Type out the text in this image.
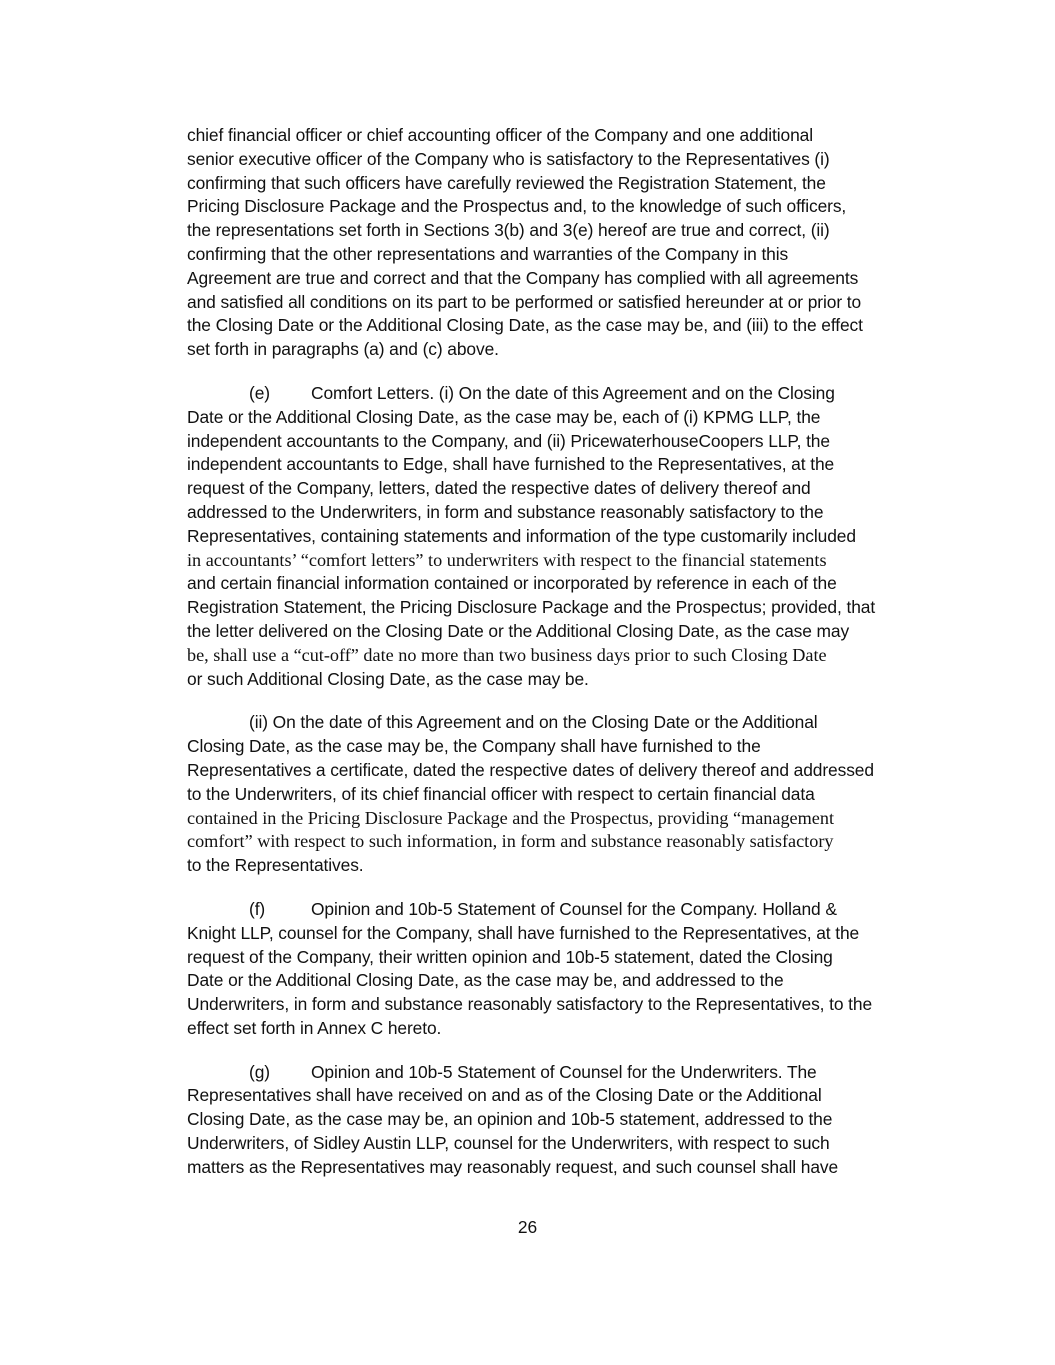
chief financial officer or chief accounting officer of the Company and one additional
senior executive officer of the Company who is satisfactory to the Representatives (i)
confirming that such officers have carefully reviewed the Registration Statement, the
Pricing Disclosure Package and the Prospectus and, to the knowledge of such officers,
the representations set forth in Sections 3(b) and 3(e) hereof are true and correct, (ii)
confirming that the other representations and warranties of the Company in this
Agreement are true and correct and that the Company has complied with all agreements
and satisfied all conditions on its part to be performed or satisfied hereunder at or prior to
the Closing Date or the Additional Closing Date, as the case may be, and (iii) to the effect
set forth in paragraphs (a) and (c) above.
(e) Comfort Letters. (i) On the date of this Agreement and on the Closing
Date or the Additional Closing Date, as the case may be, each of (i) KPMG LLP, the
independent accountants to the Company, and (ii) PricewaterhouseCoopers LLP, the
independent accountants to Edge, shall have furnished to the Representatives, at the
request of the Company, letters, dated the respective dates of delivery thereof and
addressed to the Underwriters, in form and substance reasonably satisfactory to the
Representatives, containing statements and information of the type customarily included
in accountants’ “comfort letters” to underwriters with respect to the financial statements
and certain financial information contained or incorporated by reference in each of the
Registration Statement, the Pricing Disclosure Package and the Prospectus; provided, that
the letter delivered on the Closing Date or the Additional Closing Date, as the case may
be, shall use a “cut-off” date no more than two business days prior to such Closing Date
or such Additional Closing Date, as the case may be.
(ii) On the date of this Agreement and on the Closing Date or the Additional
Closing Date, as the case may be, the Company shall have furnished to the
Representatives a certificate, dated the respective dates of delivery thereof and addressed
to the Underwriters, of its chief financial officer with respect to certain financial data
contained in the Pricing Disclosure Package and the Prospectus, providing “management
comfort” with respect to such information, in form and substance reasonably satisfactory
to the Representatives.
(f)	Opinion and 10b-5 Statement of Counsel for the Company. Holland &
Knight LLP, counsel for the Company, shall have furnished to the Representatives, at the
request of the Company, their written opinion and 10b-5 statement, dated the Closing
Date or the Additional Closing Date, as the case may be, and addressed to the
Underwriters, in form and substance reasonably satisfactory to the Representatives, to the
effect set forth in Annex C hereto.
(g) Opinion and 10b-5 Statement of Counsel for the Underwriters. The
Representatives shall have received on and as of the Closing Date or the Additional
Closing Date, as the case may be, an opinion and 10b-5 statement, addressed to the
Underwriters, of Sidley Austin LLP, counsel for the Underwriters, with respect to such
matters as the Representatives may reasonably request, and such counsel shall have
26
